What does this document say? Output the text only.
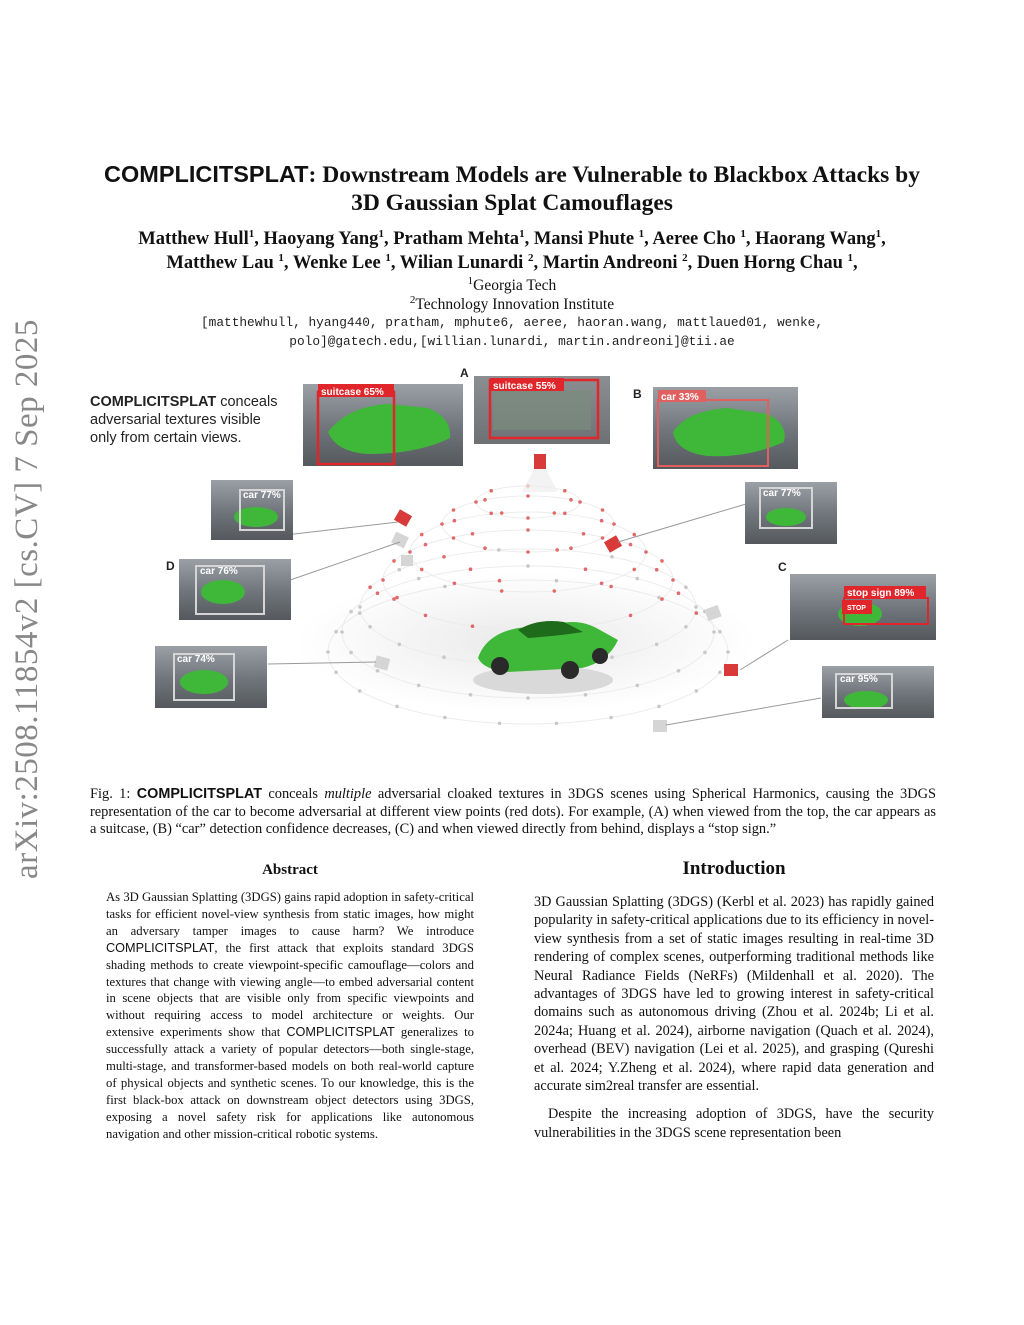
arXiv:2508.11854v2 [cs.CV] 7 Sep 2025
COMPLICITSPLAT: Downstream Models are Vulnerable to Blackbox Attacks by
3D Gaussian Splat Camouflages
Matthew Hull$^1$, Haoyang Yang$^1$, Pratham Mehta$^1$, Mansi Phute $^1$, Aeree Cho $^1$, Haorang Wang$^1$,
Matthew Lau $^1$, Wenke Lee $^1$, Wilian Lunardi $^2$, Martin Andreoni $^2$, Duen Horng Chau $^1$,
$^1$Georgia Tech
$^2$Technology Innovation Institute
[matthewhull, hyang440, pratham, mphute6, aeree, haoran.wang, mattlaued01, wenke,
polo]@gatech.edu,[willian.lunardi, martin.andreoni]@tii.ae
COMPLICITSPLAT conceals
adversarial textures visible
only from certain views.
suitcase 55%
A
suitcase 65%	car 33%
B
car 77%
car 76%
D
car 74%
car 77%
STOP
stop sign 89%
C
car 95%
Fig. 1: COMPLICITSPLAT conceals multiple adversarial cloaked textures in 3DGS scenes using Spherical Harmonics, causing the 3DGS representation of the car to become adversarial at different view points (red dots). For example, (A) when viewed from the top, the car appears as a suitcase, (B) “car” detection confidence decreases, (C) and when viewed directly from behind, displays a “stop sign.”
Abstract
As 3D Gaussian Splatting (3DGS) gains rapid adoption in safety-critical tasks for efficient novel-view synthesis from static images, how might an adversary tamper images to cause harm? We introduce COMPLICITSPLAT, the first attack that exploits standard 3DGS shading methods to create viewpoint-specific camouflage—colors and textures that change with viewing angle—to embed adversarial content in scene objects that are visible only from specific viewpoints and without requiring access to model architecture or weights. Our extensive experiments show that COMPLICITSPLAT generalizes to successfully attack a variety of popular detectors—both single-stage, multi-stage, and transformer-based models on both real-world capture of physical objects and synthetic scenes. To our knowledge, this is the first black-box attack on downstream object detectors using 3DGS, exposing a novel safety risk for applications like autonomous navigation and other mission-critical robotic systems.
Introduction

3D Gaussian Splatting (3DGS) (Kerbl et al. 2023) has rapidly gained popularity in safety-critical applications due to its efficiency in novel-view synthesis from a set of static images resulting in real-time 3D rendering of complex scenes, outperforming traditional methods like Neural Radiance Fields (NeRFs) (Mildenhall et al. 2020). The advantages of 3DGS have led to growing interest in safety-critical domains such as autonomous driving (Zhou et al. 2024b; Li et al. 2024a; Huang et al. 2024), airborne navigation (Quach et al. 2024), overhead (BEV) navigation (Lei et al. 2025), and grasping (Qureshi et al. 2024; Y.Zheng et al. 2024), where rapid data generation and accurate sim2real transfer are essential.

Despite the increasing adoption of 3DGS, have the security vulnerabilities in the 3DGS scene representation been
